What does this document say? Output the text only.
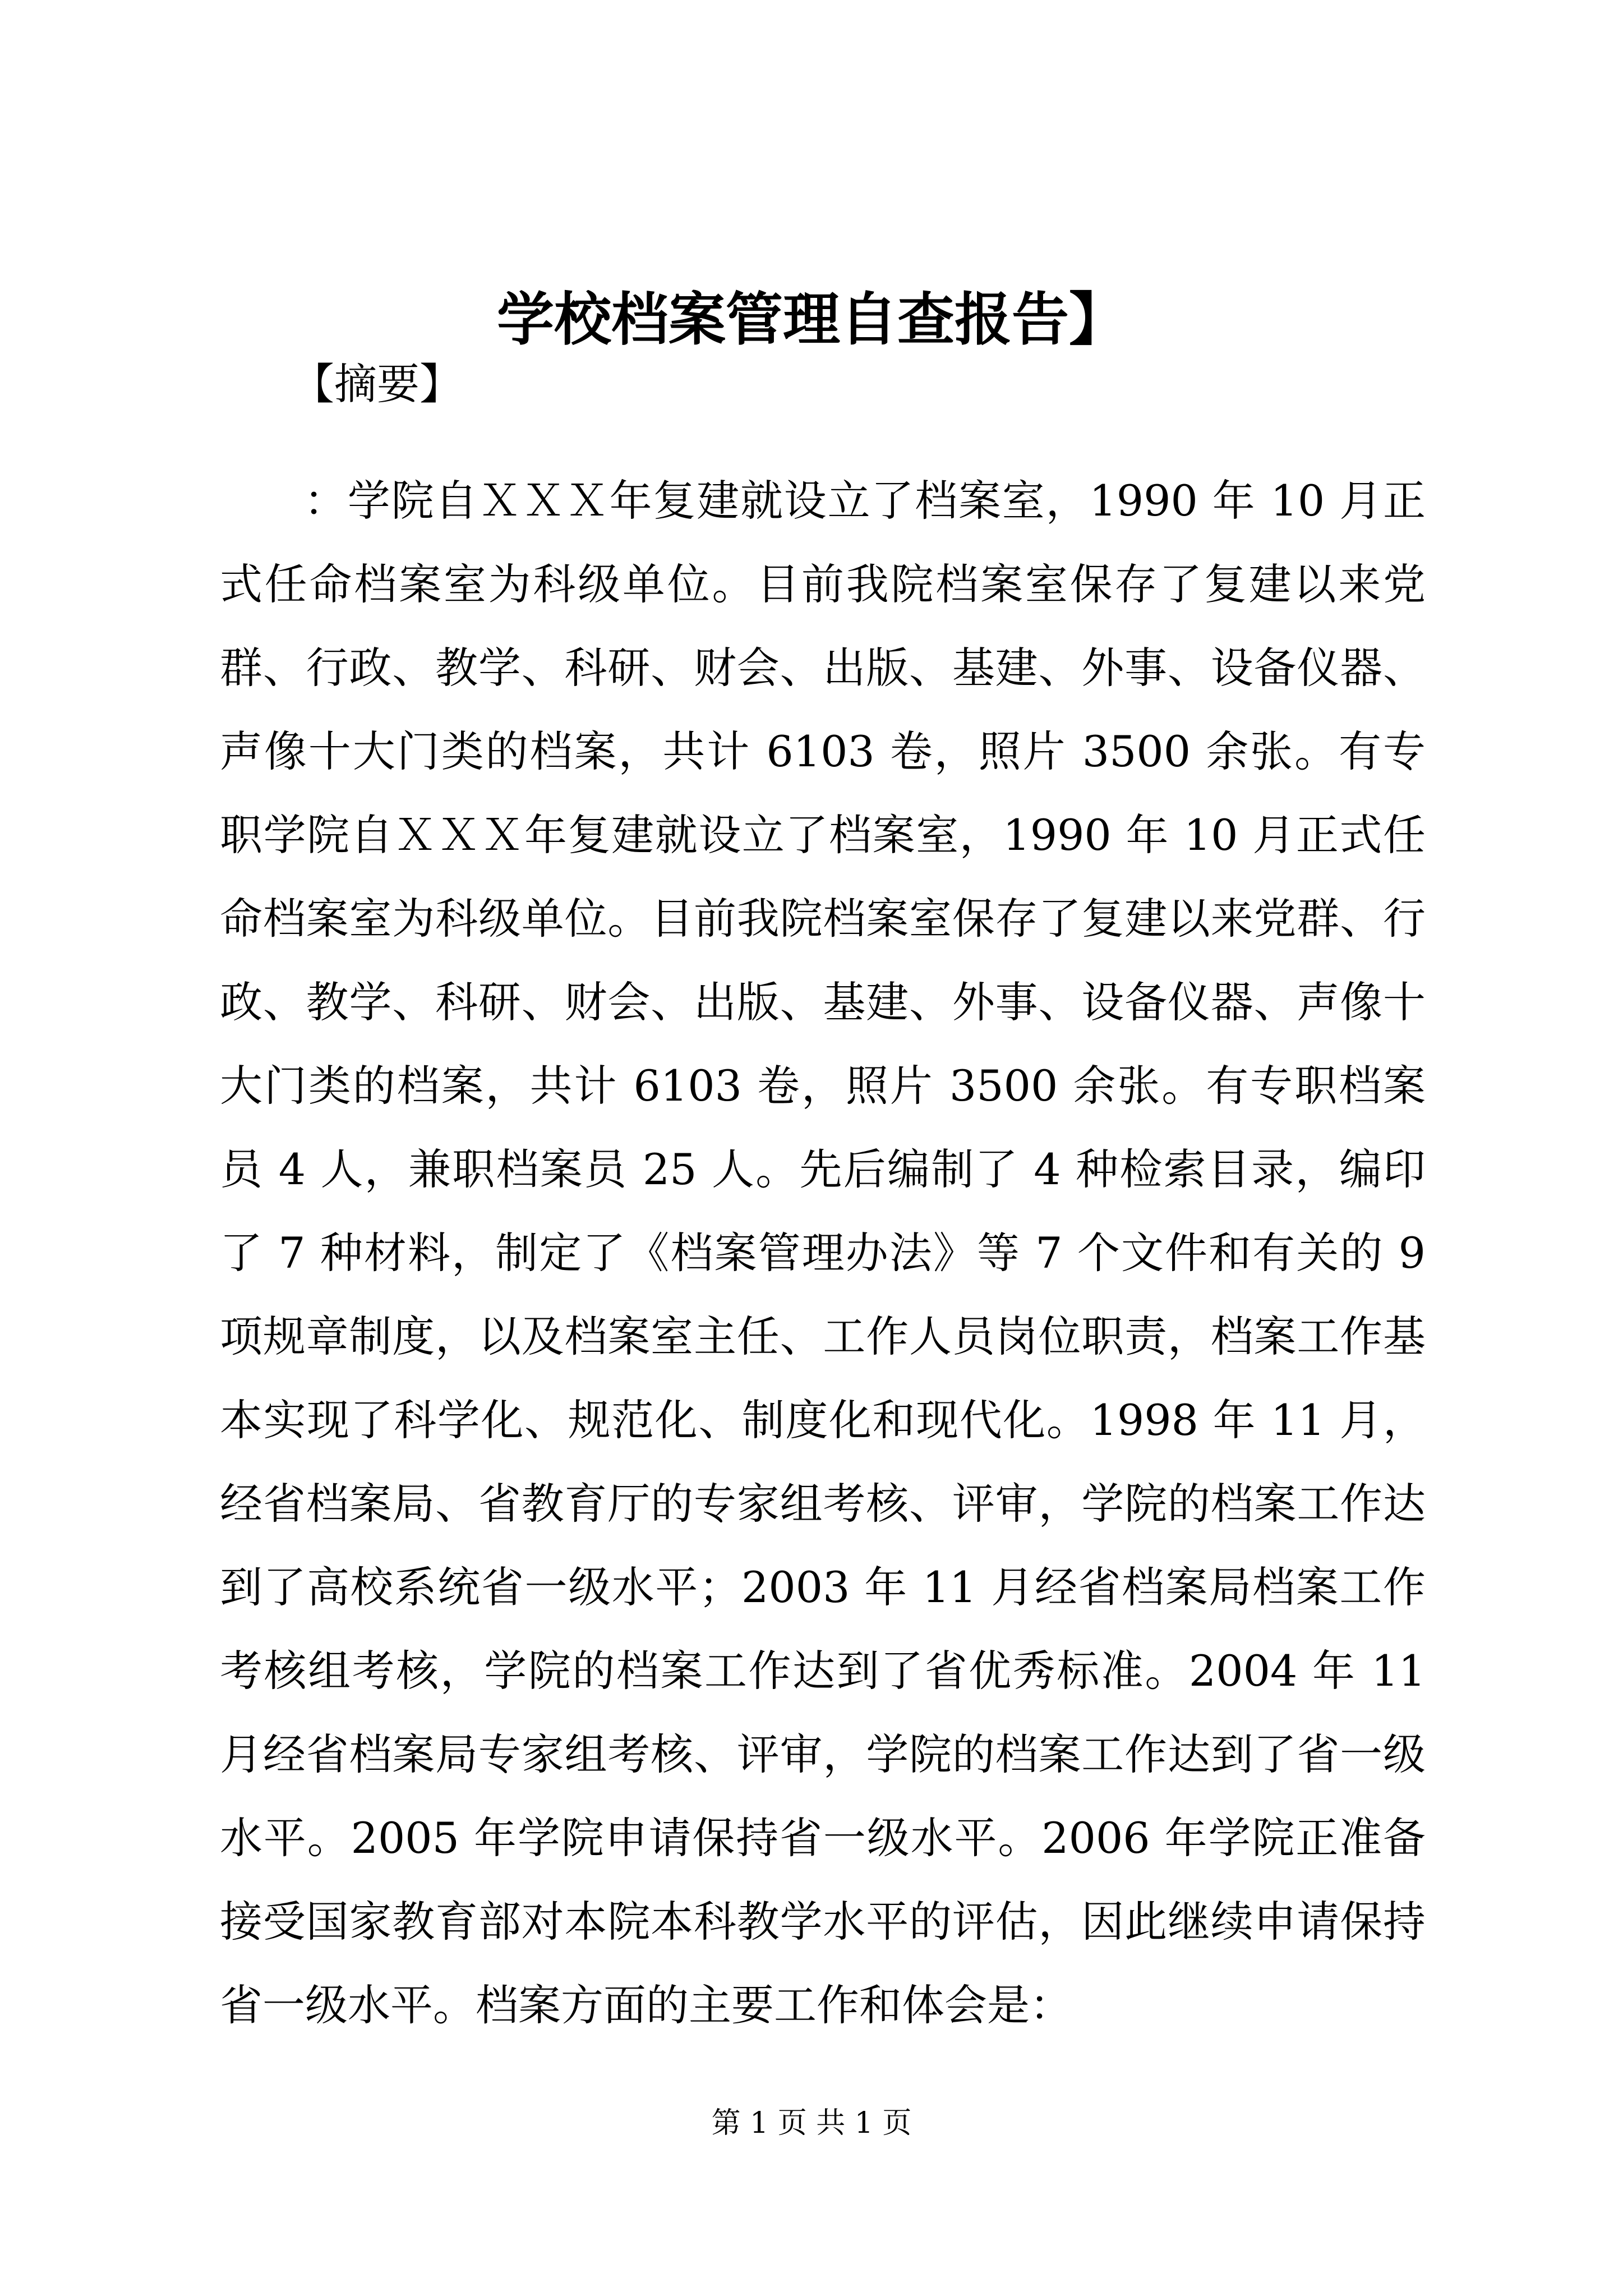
学校档案管理自查报告】
【摘要】

：学院自ＸＸＸ年复建就设立了档案室，1990 年 10 月正式任命档案室为科级单位。目前我院档案室保存了复建以来党群、行政、教学、科研、财会、出版、基建、外事、设备仪器、声像十大门类的档案，共计 6103 卷，照片 3500 余张。有专职学院自ＸＸＸ年复建就设立了档案室，1990 年 10 月正式任命档案室为科级单位。目前我院档案室保存了复建以来党群、行政、教学、科研、财会、出版、基建、外事、设备仪器、声像十大门类的档案，共计 6103 卷，照片 3500 余张。有专职档案员 4 人，兼职档案员 25 人。先后编制了 4 种检索目录，编印了 7 种材料，制定了《档案管理办法》等 7 个文件和有关的 9 项规章制度，以及档案室主任、工作人员岗位职责，档案工作基本实现了科学化、规范化、制度化和现代化。1998 年 11 月，经省档案局、省教育厅的专家组考核、评审，学院的档案工作达到了高校系统省一级水平；2003 年 11 月经省档案局档案工作考核组考核，学院的档案工作达到了省优秀标准。2004 年 11 月经省档案局专家组考核、评审，学院的档案工作达到了省一级水平。2005 年学院申请保持省一级水平。2006 年学院正准备接受国家教育部对本院本科教学水平的评估，因此继续申请保持省一级水平。档案方面的主要工作和体会是：

第 1 页 共 1 页
